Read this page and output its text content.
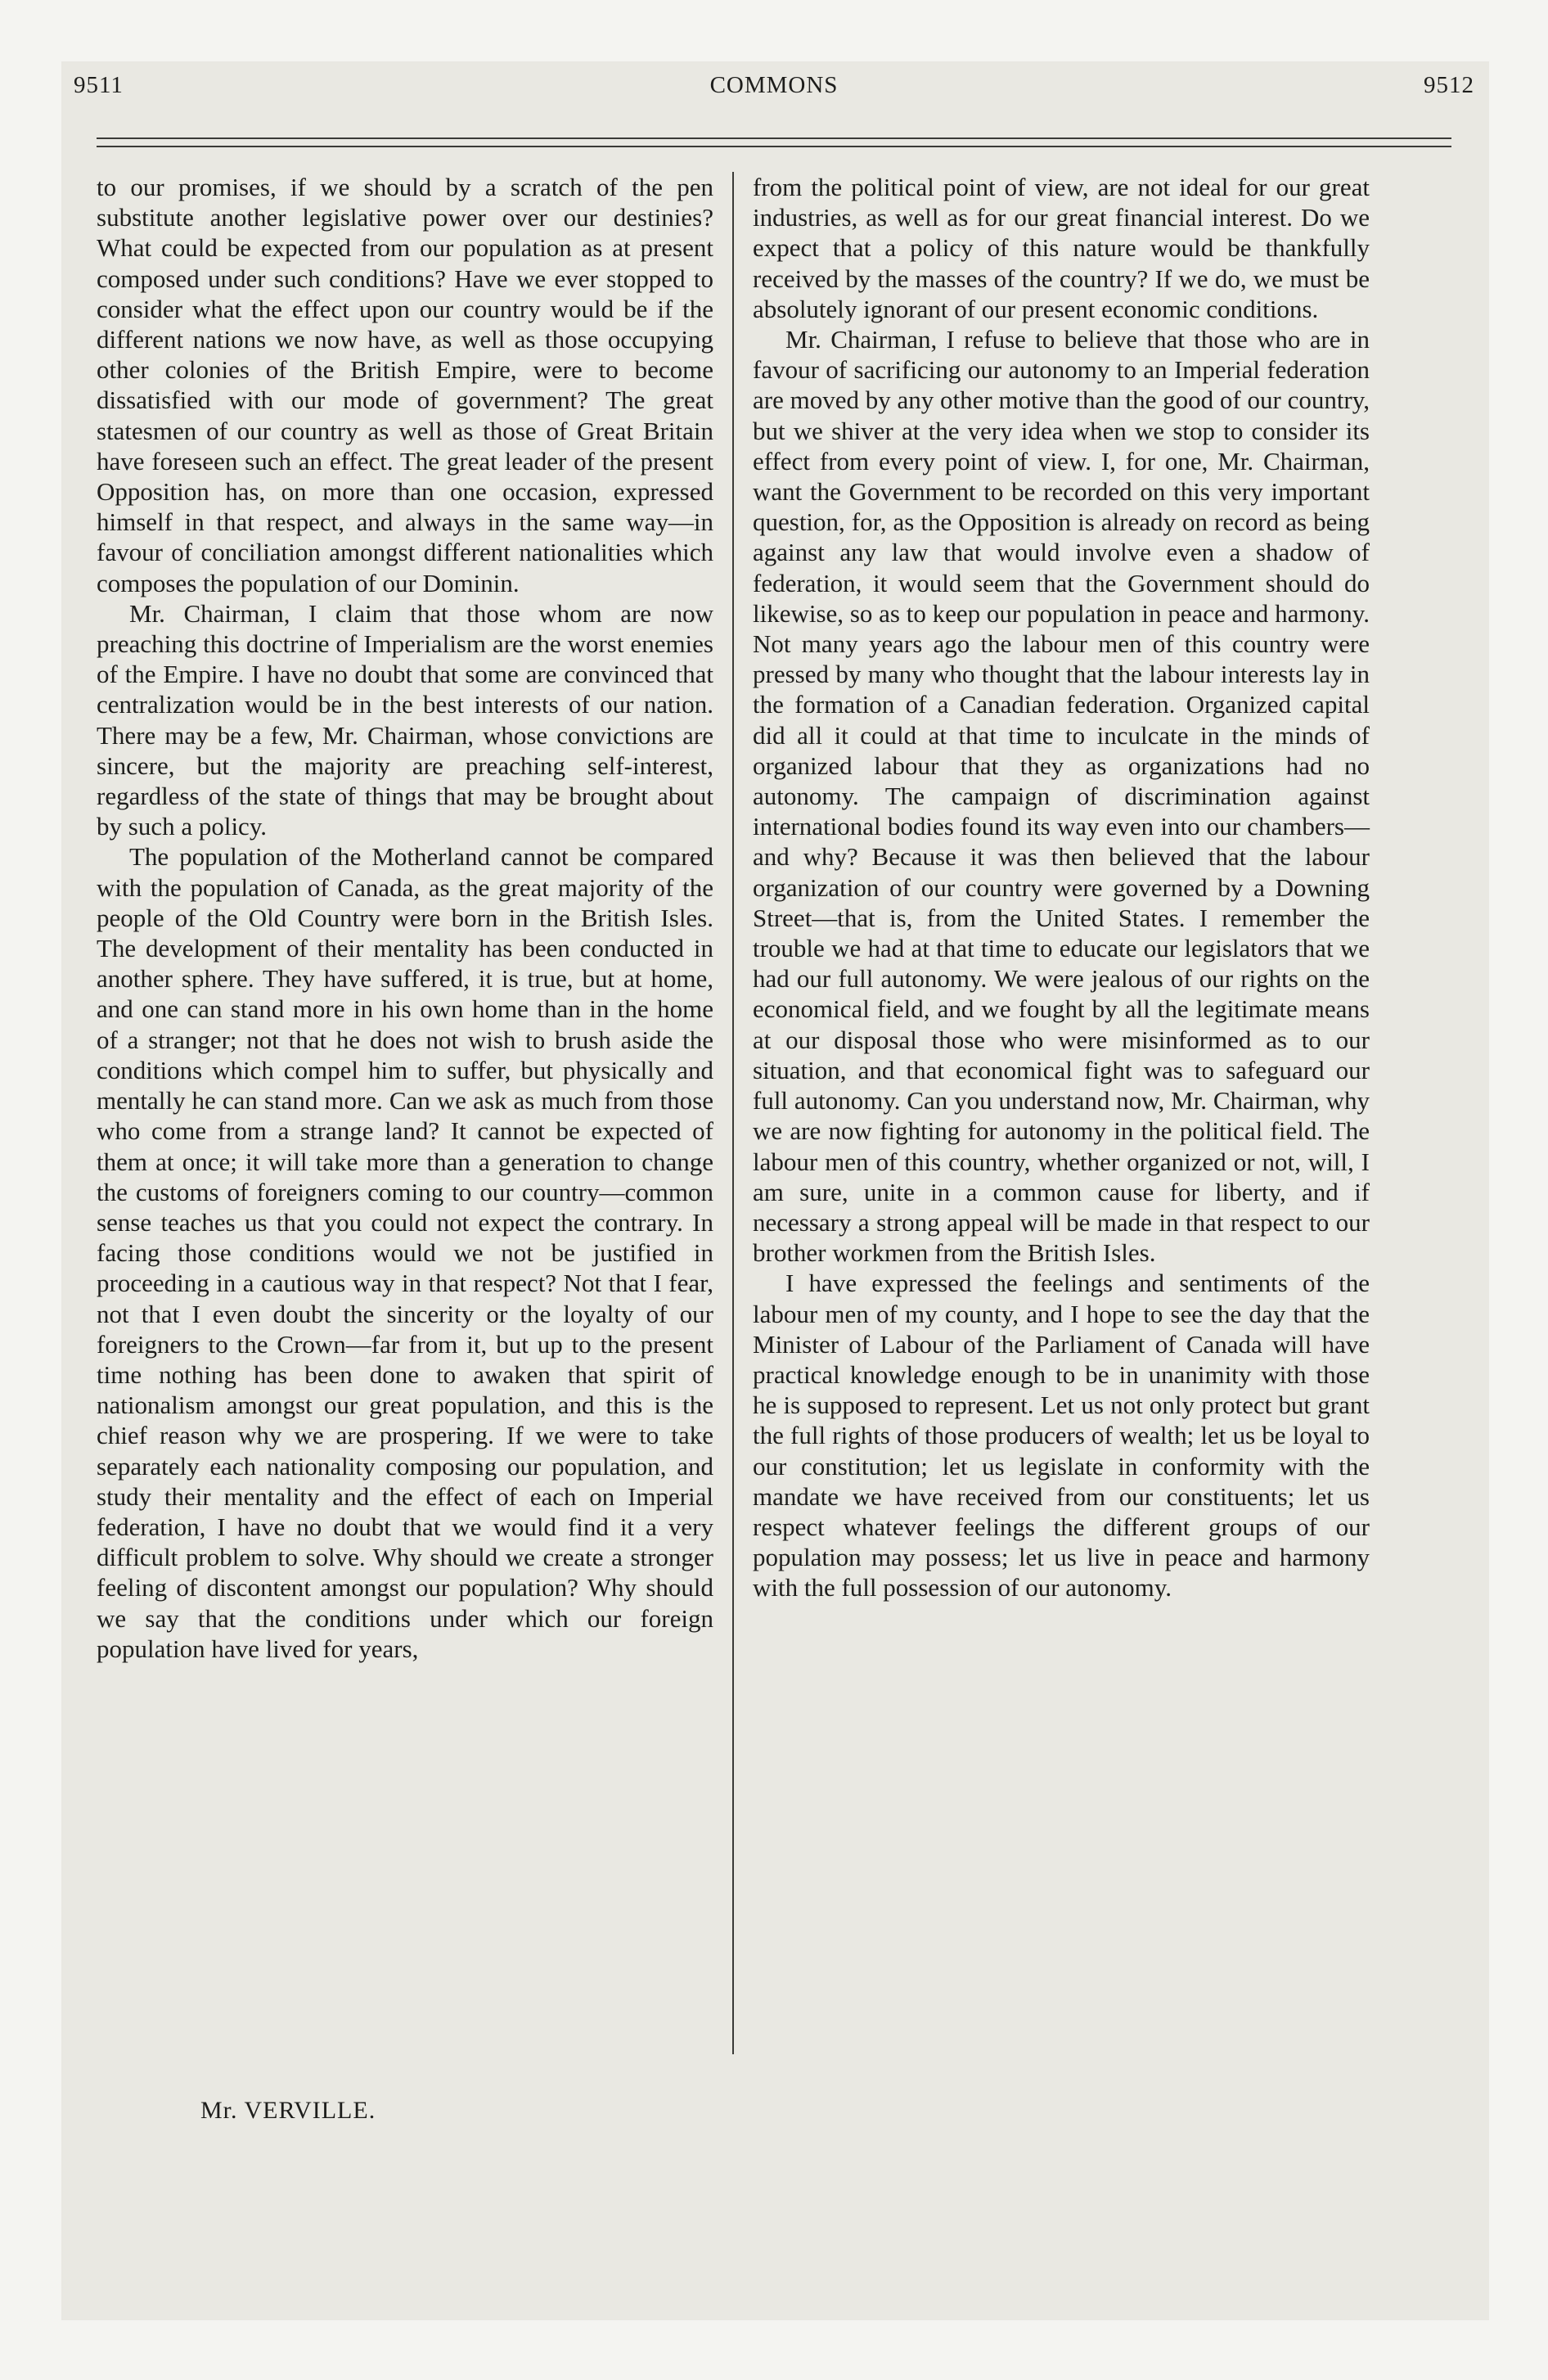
9511	COMMONS	9512

to our promises, if we should by a scratch of the pen substitute another legislative power over our destinies? What could be expected from our population as at present composed under such conditions? Have we ever stopped to consider what the effect upon our country would be if the different nations we now have, as well as those occupying other colonies of the British Empire, were to become dissatisfied with our mode of government? The great statesmen of our country as well as those of Great Britain have foreseen such an effect. The great leader of the present Opposition has, on more than one occasion, expressed himself in that respect, and always in the same way—in favour of conciliation amongst different nationalities which composes the population of our Dominin.

Mr. Chairman, I claim that those whom are now preaching this doctrine of Imperialism are the worst enemies of the Empire. I have no doubt that some are convinced that centralization would be in the best interests of our nation. There may be a few, Mr. Chairman, whose convictions are sincere, but the majority are preaching self-interest, regardless of the state of things that may be brought about by such a policy.

The population of the Motherland cannot be compared with the population of Canada, as the great majority of the people of the Old Country were born in the British Isles. The development of their mentality has been conducted in another sphere. They have suffered, it is true, but at home, and one can stand more in his own home than in the home of a stranger; not that he does not wish to brush aside the conditions which compel him to suffer, but physically and mentally he can stand more. Can we ask as much from those who come from a strange land? It cannot be expected of them at once; it will take more than a generation to change the customs of foreigners coming to our country—common sense teaches us that you could not expect the contrary. In facing those conditions would we not be justified in proceeding in a cautious way in that respect? Not that I fear, not that I even doubt the sincerity or the loyalty of our foreigners to the Crown—far from it, but up to the present time nothing has been done to awaken that spirit of nationalism amongst our great population, and this is the chief reason why we are prospering. If we were to take separately each nationality composing our population, and study their mentality and the effect of each on Imperial federation, I have no doubt that we would find it a very difficult problem to solve. Why should we create a stronger feeling of discontent amongst our population? Why should we say that the conditions under which our foreign population have lived for years,

from the political point of view, are not ideal for our great industries, as well as for our great financial interest. Do we expect that a policy of this nature would be thankfully received by the masses of the country? If we do, we must be absolutely ignorant of our present economic conditions.

Mr. Chairman, I refuse to believe that those who are in favour of sacrificing our autonomy to an Imperial federation are moved by any other motive than the good of our country, but we shiver at the very idea when we stop to consider its effect from every point of view. I, for one, Mr. Chairman, want the Government to be recorded on this very important question, for, as the Opposition is already on record as being against any law that would involve even a shadow of federation, it would seem that the Government should do likewise, so as to keep our population in peace and harmony. Not many years ago the labour men of this country were pressed by many who thought that the labour interests lay in the formation of a Canadian federation. Organized capital did all it could at that time to inculcate in the minds of organized labour that they as organizations had no autonomy. The campaign of discrimination against international bodies found its way even into our chambers—and why? Because it was then believed that the labour organization of our country were governed by a Downing Street—that is, from the United States. I remember the trouble we had at that time to educate our legislators that we had our full autonomy. We were jealous of our rights on the economical field, and we fought by all the legitimate means at our disposal those who were misinformed as to our situation, and that economical fight was to safeguard our full autonomy. Can you understand now, Mr. Chairman, why we are now fighting for autonomy in the political field. The labour men of this country, whether organized or not, will, I am sure, unite in a common cause for liberty, and if necessary a strong appeal will be made in that respect to our brother workmen from the British Isles.

I have expressed the feelings and sentiments of the labour men of my county, and I hope to see the day that the Minister of Labour of the Parliament of Canada will have practical knowledge enough to be in unanimity with those he is supposed to represent. Let us not only protect but grant the full rights of those producers of wealth; let us be loyal to our constitution; let us legislate in conformity with the mandate we have received from our constituents; let us respect whatever feelings the different groups of our population may possess; let us live in peace and harmony with the full possession of our autonomy.

Mr. VERVILLE.
